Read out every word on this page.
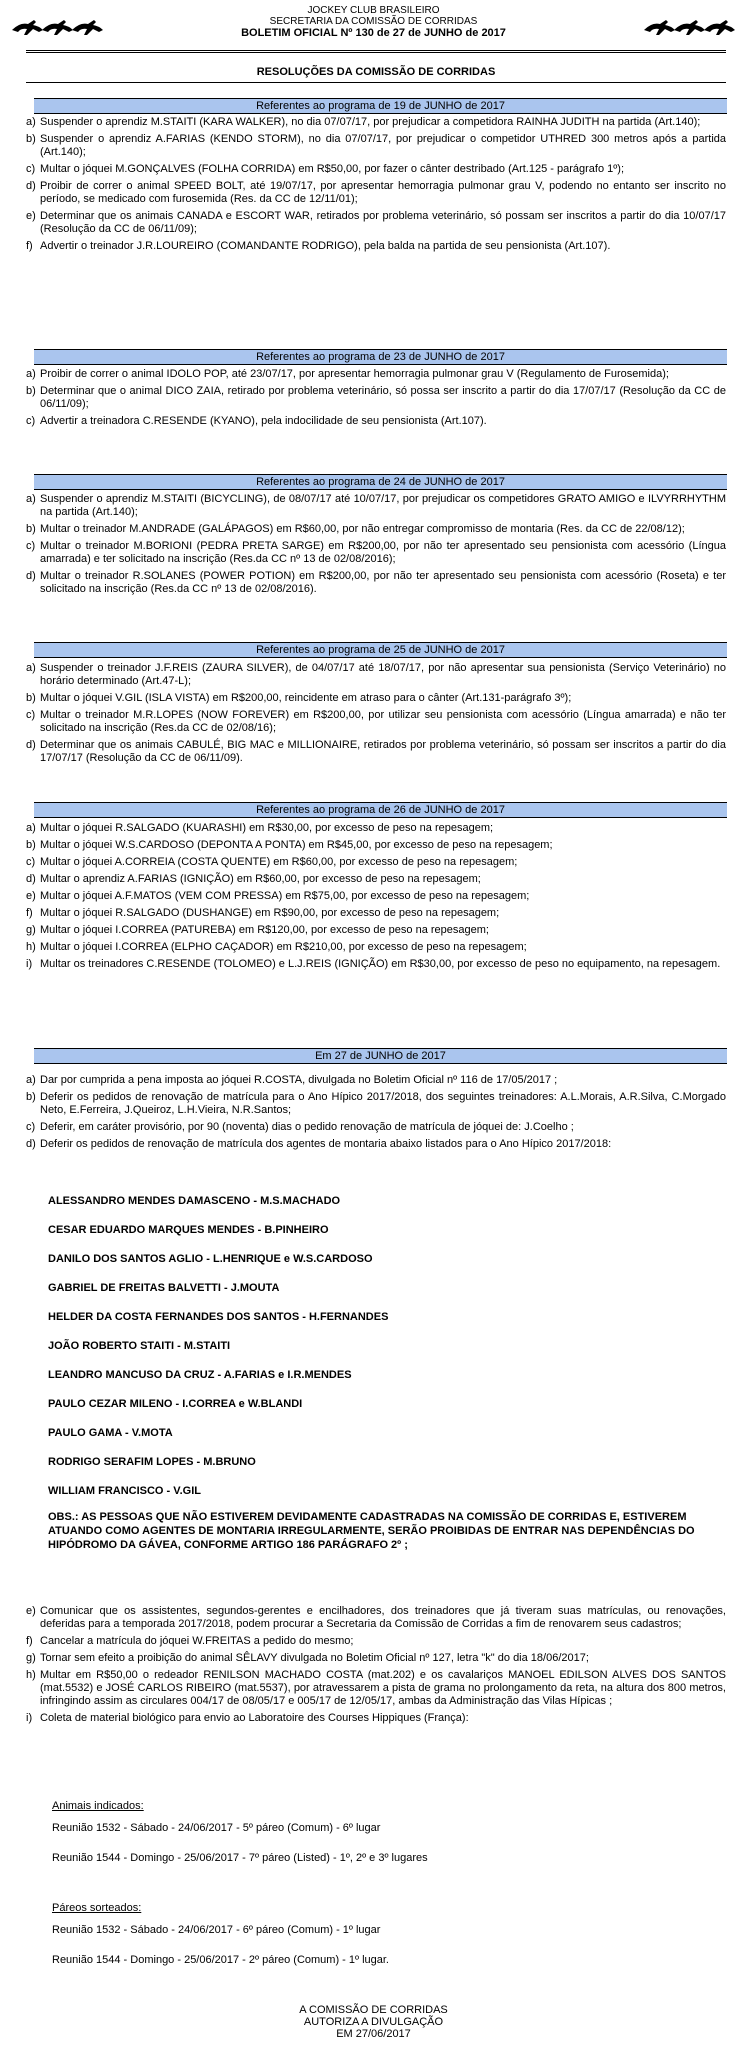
JOCKEY CLUB BRASILEIRO
SECRETARIA DA COMISSÃO DE CORRIDAS
BOLETIM OFICIAL Nº 130 de 27 de JUNHO de 2017
RESOLUÇÕES DA COMISSÃO DE CORRIDAS
Referentes ao programa de 19 de JUNHO de 2017
a) Suspender o aprendiz M.STAITI (KARA WALKER), no dia 07/07/17, por prejudicar a competidora RAINHA JUDITH na partida (Art.140);
b) Suspender o aprendiz A.FARIAS (KENDO STORM), no dia 07/07/17, por prejudicar o competidor UTHRED 300 metros após a partida (Art.140);
c) Multar o jóquei M.GONÇALVES (FOLHA CORRIDA) em R$50,00, por fazer o cânter destribado (Art.125 - parágrafo 1º);
d) Proibir de correr o animal SPEED BOLT, até 19/07/17, por apresentar hemorragia pulmonar grau V, podendo no entanto ser inscrito no período, se medicado com furosemida (Res. da CC de 12/11/01);
e) Determinar que os animais CANADA e ESCORT WAR, retirados por problema veterinário, só possam ser inscritos a partir do dia 10/07/17 (Resolução da CC de 06/11/09);
f) Advertir o treinador J.R.LOUREIRO (COMANDANTE RODRIGO), pela balda na partida de seu pensionista (Art.107).
Referentes ao programa de 23 de JUNHO de 2017
a) Proibir de correr o animal IDOLO POP, até 23/07/17, por apresentar hemorragia pulmonar grau V (Regulamento de Furosemida);
b) Determinar que o animal DICO ZAIA, retirado por problema veterinário, só possa ser inscrito a partir do dia 17/07/17 (Resolução da CC de 06/11/09);
c) Advertir a treinadora C.RESENDE (KYANO), pela indocilidade de seu pensionista (Art.107).
Referentes ao programa de 24 de JUNHO de 2017
a) Suspender o aprendiz M.STAITI (BICYCLING), de 08/07/17 até 10/07/17, por prejudicar os competidores GRATO AMIGO e ILVYRRHYTHM na partida (Art.140);
b) Multar o treinador M.ANDRADE (GALÁPAGOS) em R$60,00, por não entregar compromisso de montaria (Res. da CC de 22/08/12);
c) Multar o treinador M.BORIONI (PEDRA PRETA SARGE) em R$200,00, por não ter apresentado seu pensionista com acessório (Língua amarrada) e ter solicitado na inscrição (Res.da CC nº 13 de 02/08/2016);
d) Multar o treinador R.SOLANES (POWER POTION) em R$200,00, por não ter apresentado seu pensionista com acessório (Roseta) e ter solicitado na inscrição (Res.da CC nº 13 de 02/08/2016).
Referentes ao programa de 25 de JUNHO de 2017
a) Suspender o treinador J.F.REIS (ZAURA SILVER), de 04/07/17 até 18/07/17, por não apresentar sua pensionista (Serviço Veterinário) no horário determinado (Art.47-L);
b) Multar o jóquei V.GIL (ISLA VISTA) em R$200,00, reincidente em atraso para o cânter (Art.131-parágrafo 3º);
c) Multar o treinador M.R.LOPES (NOW FOREVER) em R$200,00, por utilizar seu pensionista com acessório (Língua amarrada) e não ter solicitado na inscrição (Res.da CC de 02/08/16);
d) Determinar que os animais CABULÉ, BIG MAC e MILLIONAIRE, retirados por problema veterinário, só possam ser inscritos a partir do dia 17/07/17 (Resolução da CC de 06/11/09).
Referentes ao programa de 26 de JUNHO de 2017
a) Multar o jóquei R.SALGADO (KUARASHI) em R$30,00, por excesso de peso na repesagem;
b) Multar o jóquei W.S.CARDOSO (DEPONTA A PONTA) em R$45,00, por excesso de peso na repesagem;
c) Multar o jóquei A.CORREIA (COSTA QUENTE) em R$60,00, por excesso de peso na repesagem;
d) Multar o aprendiz A.FARIAS (IGNIÇÃO) em R$60,00, por excesso de peso na repesagem;
e) Multar o jóquei A.F.MATOS (VEM COM PRESSA) em R$75,00, por excesso de peso na repesagem;
f) Multar o jóquei R.SALGADO (DUSHANGE) em R$90,00, por excesso de peso na repesagem;
g) Multar o jóquei I.CORREA (PATUREBA) em R$120,00, por excesso de peso na repesagem;
h) Multar o jóquei I.CORREA (ELPHO CAÇADOR) em R$210,00, por excesso de peso na repesagem;
i) Multar os treinadores C.RESENDE (TOLOMEO) e L.J.REIS (IGNIÇÃO) em R$30,00, por excesso de peso no equipamento, na repesagem.
Em 27 de JUNHO de 2017
a) Dar por cumprida a pena imposta ao jóquei R.COSTA, divulgada no Boletim Oficial nº 116 de 17/05/2017 ;
b) Deferir os pedidos de renovação de matrícula para o Ano Hípico 2017/2018, dos seguintes treinadores: A.L.Morais, A.R.Silva, C.Morgado Neto, E.Ferreira, J.Queiroz, L.H.Vieira, N.R.Santos;
c) Deferir, em caráter provisório, por 90 (noventa) dias o pedido renovação de matrícula de jóquei de: J.Coelho ;
d) Deferir os pedidos de renovação de matrícula dos agentes de montaria abaixo listados para o Ano Hípico 2017/2018:
ALESSANDRO MENDES DAMASCENO - M.S.MACHADO
CESAR EDUARDO MARQUES MENDES - B.PINHEIRO
DANILO DOS SANTOS AGLIO - L.HENRIQUE e W.S.CARDOSO
GABRIEL DE FREITAS BALVETTI - J.MOUTA
HELDER DA COSTA FERNANDES DOS SANTOS - H.FERNANDES
JOÃO ROBERTO STAITI - M.STAITI
LEANDRO MANCUSO DA CRUZ - A.FARIAS e I.R.MENDES
PAULO CEZAR MILENO - I.CORREA e W.BLANDI
PAULO GAMA - V.MOTA
RODRIGO SERAFIM LOPES - M.BRUNO
WILLIAM FRANCISCO - V.GIL
OBS.: AS PESSOAS QUE NÃO ESTIVEREM DEVIDAMENTE CADASTRADAS NA COMISSÃO DE CORRIDAS E, ESTIVEREM ATUANDO COMO AGENTES DE MONTARIA IRREGULARMENTE, SERÃO PROIBIDAS DE ENTRAR NAS DEPENDÊNCIAS DO HIPÓDROMO DA GÁVEA, CONFORME ARTIGO 186 PARÁGRAFO 2º ;
e) Comunicar que os assistentes, segundos-gerentes e encilhadores, dos treinadores que já tiveram suas matrículas, ou renovações, deferidas para a temporada 2017/2018, podem procurar a Secretaria da Comissão de Corridas a fim de renovarem seus cadastros;
f) Cancelar a matrícula do jóquei W.FREITAS a pedido do mesmo;
g) Tornar sem efeito a proibição do animal SÊLAVY divulgada no Boletim Oficial nº 127, letra "k" do dia 18/06/2017;
h) Multar em R$50,00 o redeador RENILSON MACHADO COSTA (mat.202) e os cavalariços MANOEL EDILSON ALVES DOS SANTOS (mat.5532) e JOSÉ CARLOS RIBEIRO (mat.5537), por atravessarem a pista de grama no prolongamento da reta, na altura dos 800 metros, infringindo assim as circulares 004/17 de 08/05/17 e 005/17 de 12/05/17, ambas da Administração das Vilas Hípicas ;
i) Coleta de material biológico para envio ao Laboratoire des Courses Hippiques (França):
Animais indicados:
Reunião 1532 - Sábado - 24/06/2017 - 5º páreo (Comum) - 6º lugar
Reunião 1544 - Domingo - 25/06/2017 - 7º páreo (Listed) - 1º, 2º e 3º lugares
Páreos sorteados:
Reunião 1532 - Sábado - 24/06/2017 - 6º páreo (Comum) - 1º lugar
Reunião 1544 - Domingo - 25/06/2017 - 2º páreo (Comum) - 1º lugar.
A COMISSÃO DE CORRIDAS
AUTORIZA A DIVULGAÇÃO
EM 27/06/2017
